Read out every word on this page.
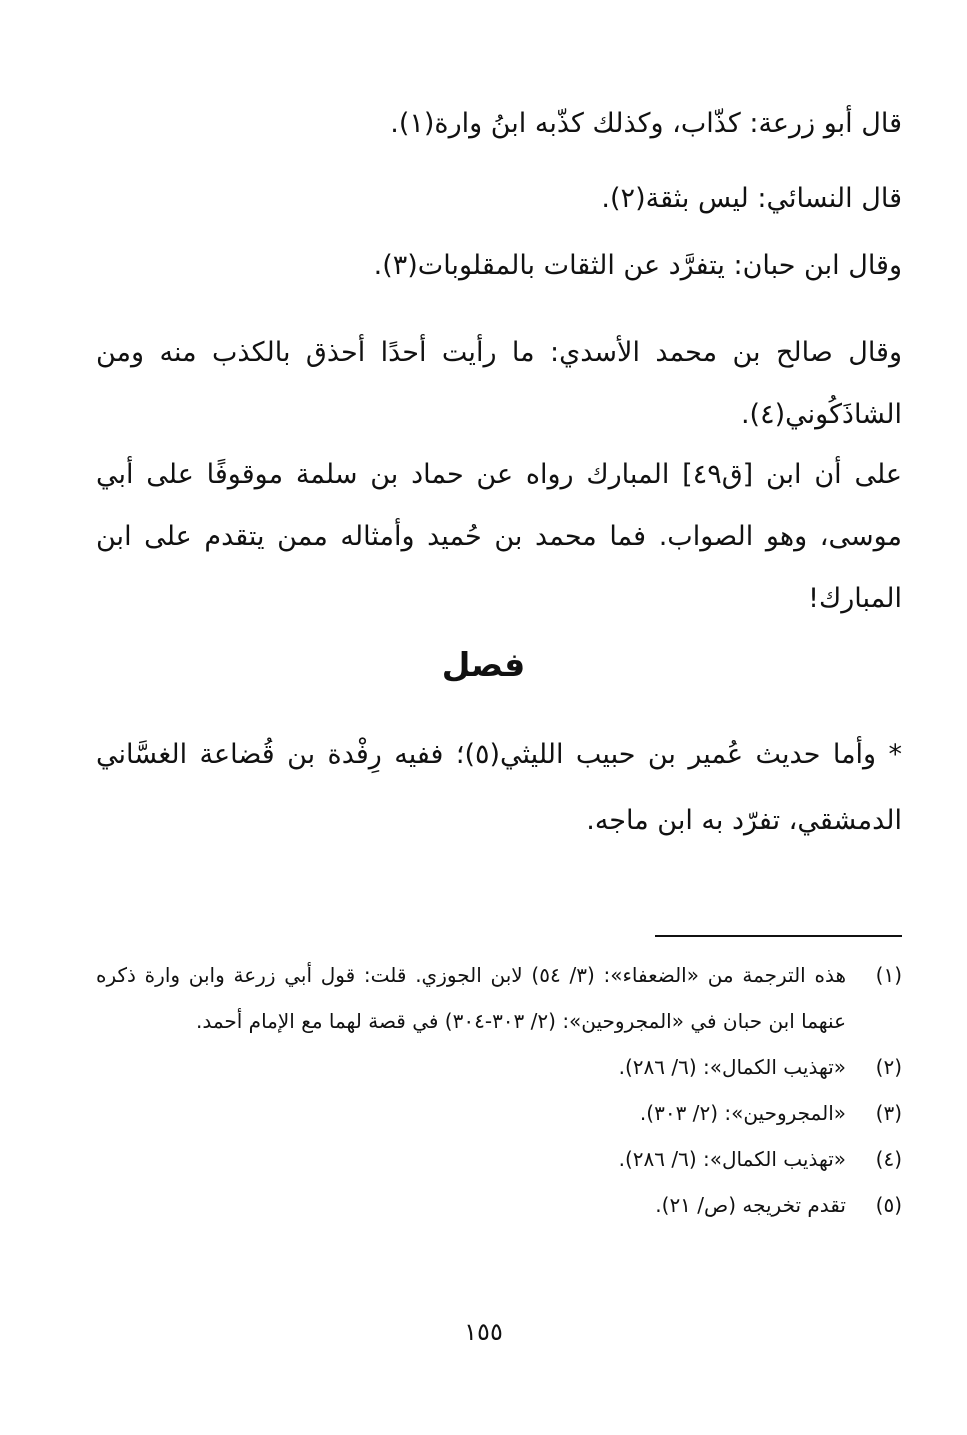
قال أبو زرعة: كذّاب، وكذلك كذّبه ابنُ وارة(١).

قال النسائي: ليس بثقة(٢).

وقال ابن حبان: يتفرَّد عن الثقات بالمقلوبات(٣).

وقال صالح بن محمد الأسدي: ما رأيت أحدًا أحذق بالكذب منه ومن الشاذَكُوني(٤).

على أن ابن [ق٤٩] المبارك رواه عن حماد بن سلمة موقوفًا على أبي موسى، وهو الصواب. فما محمد بن حُميد وأمثاله ممن يتقدم على ابن المبارك!

فصل

* وأما حديث عُمير بن حبيب الليثي(٥)؛ ففيه رِفْدة بن قُضاعة الغسَّاني الدمشقي، تفرّد به ابن ماجه.

(١)
هذه الترجمة من «الضعفاء»: (٣/ ٥٤) لابن الجوزي. قلت: قول أبي زرعة وابن وارة ذكره عنهما ابن حبان في «المجروحين»: (٢/ ٣٠٣-٣٠٤) في قصة لهما مع الإمام أحمد.
(٢)
«تهذيب الكمال»: (٦/ ٢٨٦).
(٣)
«المجروحين»: (٢/ ٣٠٣).
(٤)
«تهذيب الكمال»: (٦/ ٢٨٦).
(٥)
تقدم تخريجه (ص/ ٢١).
١٥٥
